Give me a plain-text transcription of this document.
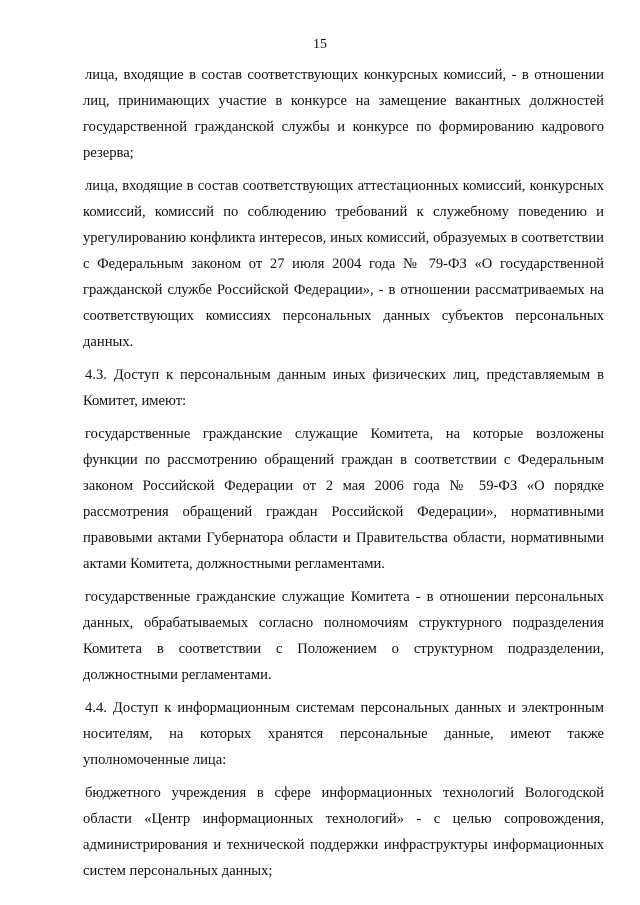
15

лица, входящие в состав соответствующих конкурсных комиссий, - в отношении лиц, принимающих участие в конкурсе на замещение вакантных должностей государственной гражданской службы и конкурсе по формированию кадрового резерва;

лица, входящие в состав соответствующих аттестационных комиссий, конкурсных комиссий, комиссий по соблюдению требований к служебному поведению и урегулированию конфликта интересов, иных комиссий, образуемых в соответствии с Федеральным законом от 27 июля 2004 года № 79-ФЗ «О государственной гражданской службе Российской Федерации», - в отношении рассматриваемых на соответствующих комиссиях персональных данных субъектов персональных данных.

4.3. Доступ к персональным данным иных физических лиц, представляемым в Комитет, имеют:

государственные гражданские служащие Комитета, на которые возложены функции по рассмотрению обращений граждан в соответствии с Федеральным законом Российской Федерации от 2 мая 2006 года № 59-ФЗ «О порядке рассмотрения обращений граждан Российской Федерации», нормативными правовыми актами Губернатора области и Правительства области, нормативными актами Комитета, должностными регламентами.

государственные гражданские служащие Комитета - в отношении персональных данных, обрабатываемых согласно полномочиям структурного подразделения Комитета в соответствии с Положением о структурном подразделении, должностными регламентами.

4.4. Доступ к информационным системам персональных данных и электронным носителям, на которых хранятся персональные данные, имеют также уполномоченные лица:

бюджетного учреждения в сфере информационных технологий Вологодской области «Центр информационных технологий» - с целью сопровождения, администрирования и технической поддержки инфраструктуры информационных систем персональных данных;
